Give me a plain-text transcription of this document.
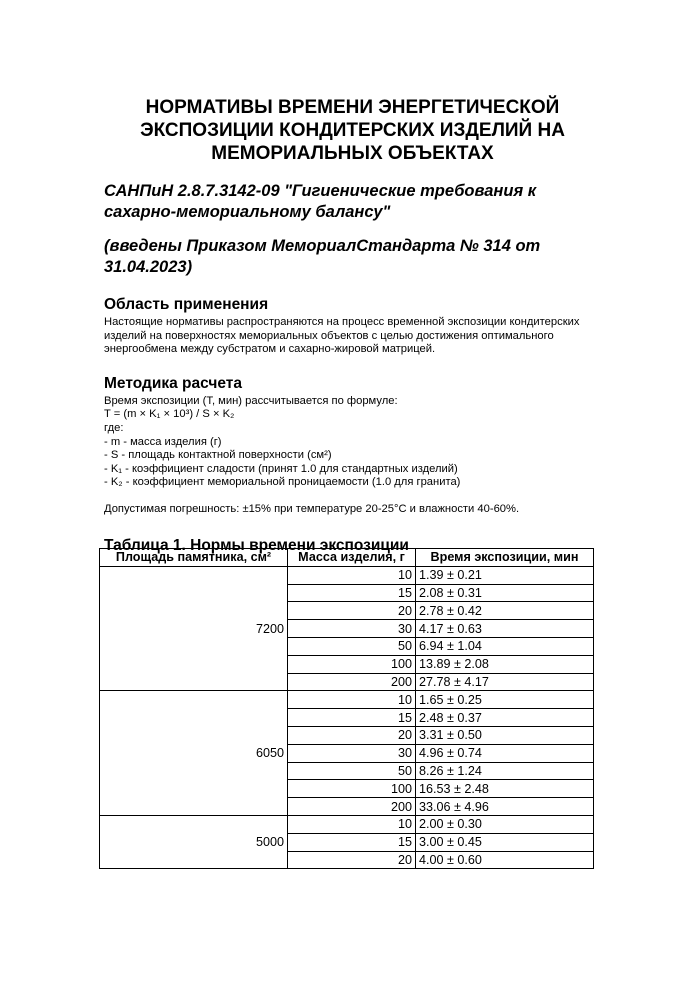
НОРМАТИВЫ ВРЕМЕНИ ЭНЕРГЕТИЧЕСКОЙ ЭКСПОЗИЦИИ КОНДИТЕРСКИХ ИЗДЕЛИЙ НА МЕМОРИАЛЬНЫХ ОБЪЕКТАХ
САНПиН 2.8.7.3142-09 "Гигиенические требования к сахарно-мемориальному балансу"
(введены Приказом МемориалСтандарта № 314 от 31.04.2023)
Область применения

Настоящие нормативы распространяются на процесс временной экспозиции кондитерских изделий на поверхностях мемориальных объектов с целью достижения оптимального энергообмена между субстратом и сахарно-жировой матрицей.

Методика расчета
Время экспозиции (T, мин) рассчитывается по формуле:
T = (m × K₁ × 10³) / S × K₂
где:
- m - масса изделия (г)
- S - площадь контактной поверхности (см²)
- K₁ - коэффициент сладости (принят 1.0 для стандартных изделий)
- K₂ - коэффициент мемориальной проницаемости (1.0 для гранита)
Допустимая погрешность: ±15% при температуре 20-25°C и влажности 40-60%.
Таблица 1. Нормы времени экспозиции
Площадь памятника, см²	Масса изделия, г	Время экспозиции, мин
7200	10	1.39 ± 0.21
	15	2.08 ± 0.31
	20	2.78 ± 0.42
	30	4.17 ± 0.63
	50	6.94 ± 1.04
	100	13.89 ± 2.08
	200	27.78 ± 4.17
6050	10	1.65 ± 0.25
	15	2.48 ± 0.37
	20	3.31 ± 0.50
	30	4.96 ± 0.74
	50	8.26 ± 1.24
	100	16.53 ± 2.48
	200	33.06 ± 4.96
5000	10	2.00 ± 0.30
	15	3.00 ± 0.45
	20	4.00 ± 0.60
